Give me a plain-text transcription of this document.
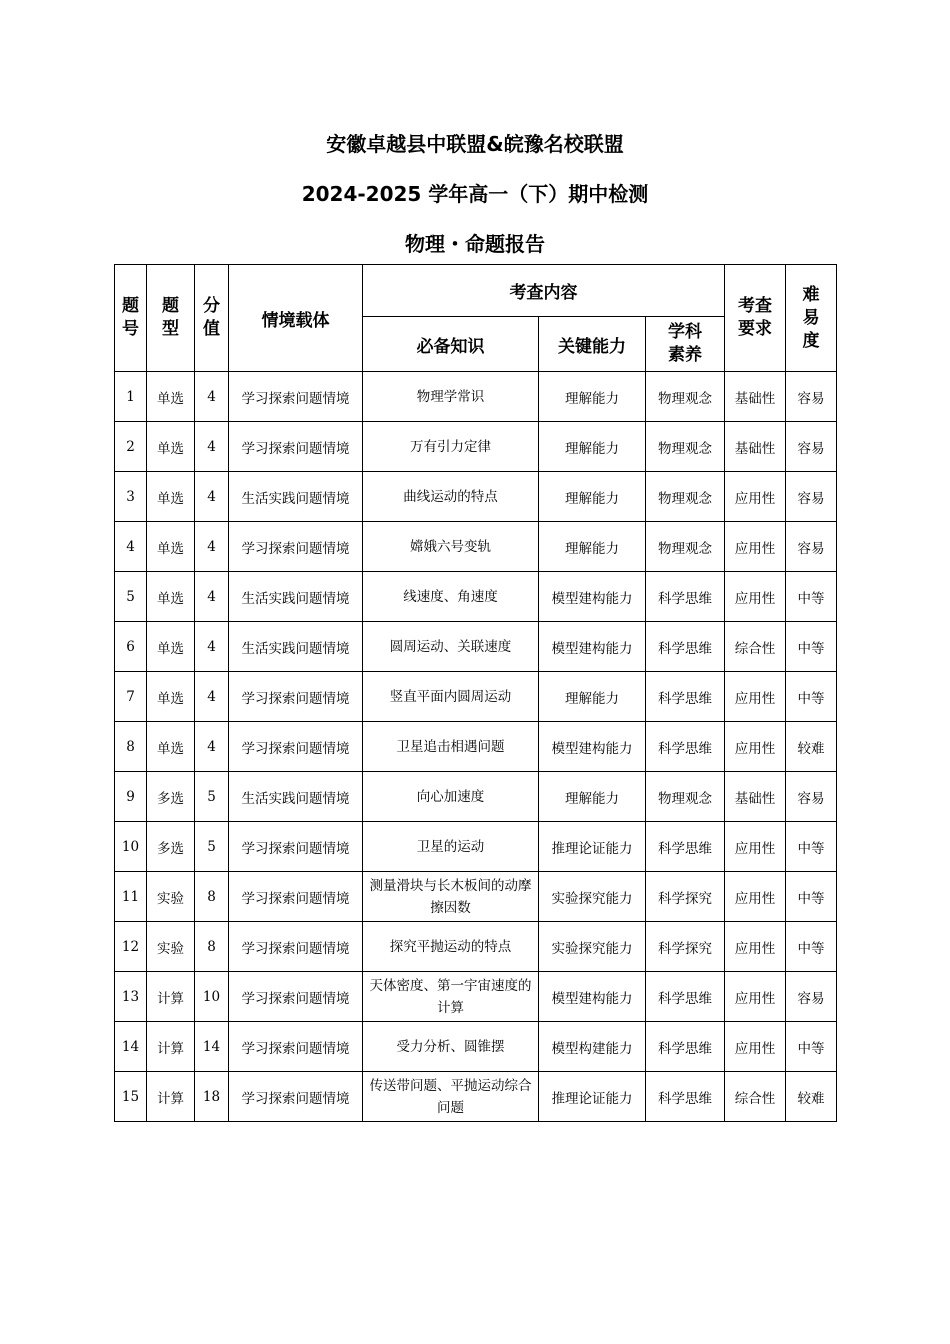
安徽卓越县中联盟&皖豫名校联盟
2024-2025 学年高一（下）期中检测
物理・命题报告
题号	题型	分值	情境载体	考查内容			考查要求	难易度
				必备知识	关键能力	学科素养		
1	单选	4	学习探索问题情境	物理学常识	理解能力	物理观念	基础性	容易
2	单选	4	学习探索问题情境	万有引力定律	理解能力	物理观念	基础性	容易
3	单选	4	生活实践问题情境	曲线运动的特点	理解能力	物理观念	应用性	容易
4	单选	4	学习探索问题情境	嫦娥六号变轨	理解能力	物理观念	应用性	容易
5	单选	4	生活实践问题情境	线速度、角速度	模型建构能力	科学思维	应用性	中等
6	单选	4	生活实践问题情境	圆周运动、关联速度	模型建构能力	科学思维	综合性	中等
7	单选	4	学习探索问题情境	竖直平面内圆周运动	理解能力	科学思维	应用性	中等
8	单选	4	学习探索问题情境	卫星追击相遇问题	模型建构能力	科学思维	应用性	较难
9	多选	5	生活实践问题情境	向心加速度	理解能力	物理观念	基础性	容易
10	多选	5	学习探索问题情境	卫星的运动	推理论证能力	科学思维	应用性	中等
11	实验	8	学习探索问题情境	测量滑块与长木板间的动摩擦因数	实验探究能力	科学探究	应用性	中等
12	实验	8	学习探索问题情境	探究平抛运动的特点	实验探究能力	科学探究	应用性	中等
13	计算	10	学习探索问题情境	天体密度、第一宇宙速度的计算	模型建构能力	科学思维	应用性	容易
14	计算	14	学习探索问题情境	受力分析、圆锥摆	模型构建能力	科学思维	应用性	中等
15	计算	18	学习探索问题情境	传送带问题、平抛运动综合问题	推理论证能力	科学思维	综合性	较难
